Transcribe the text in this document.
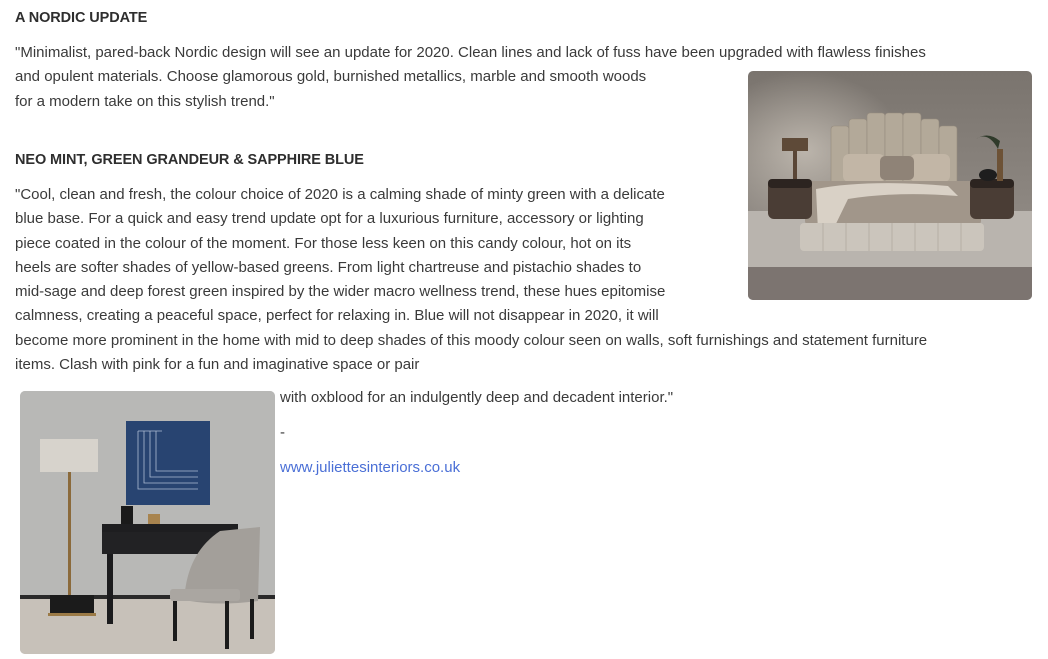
A NORDIC UPDATE

"Minimalist, pared-back Nordic design will see an update for 2020. Clean lines and lack of fuss have been upgraded with flawless finishes
and opulent materials. Choose glamorous gold, burnished metallics, marble and smooth woods
for a modern take on this stylish trend."

NEO MINT, GREEN GRANDEUR & SAPPHIRE BLUE

"Cool, clean and fresh, the colour choice of 2020 is a calming shade of minty green with a delicate
blue base. For a quick and easy trend update opt for a luxurious furniture, accessory or lighting
piece coated in the colour of the moment. For those less keen on this candy colour, hot on its
heels are softer shades of yellow-based greens. From light chartreuse and pistachio shades to
mid-sage and deep forest green inspired by the wider macro wellness trend, these hues epitomise
calmness, creating a peaceful space, perfect for relaxing in. Blue will not disappear in 2020, it will
become more prominent in the home with mid to deep shades of this moody colour seen on walls, soft furnishings and statement furniture
items. Clash with pink for a fun and imaginative space or pair

with oxblood for an indulgently deep and decadent interior."
-
www.juliettesinteriors.co.uk
